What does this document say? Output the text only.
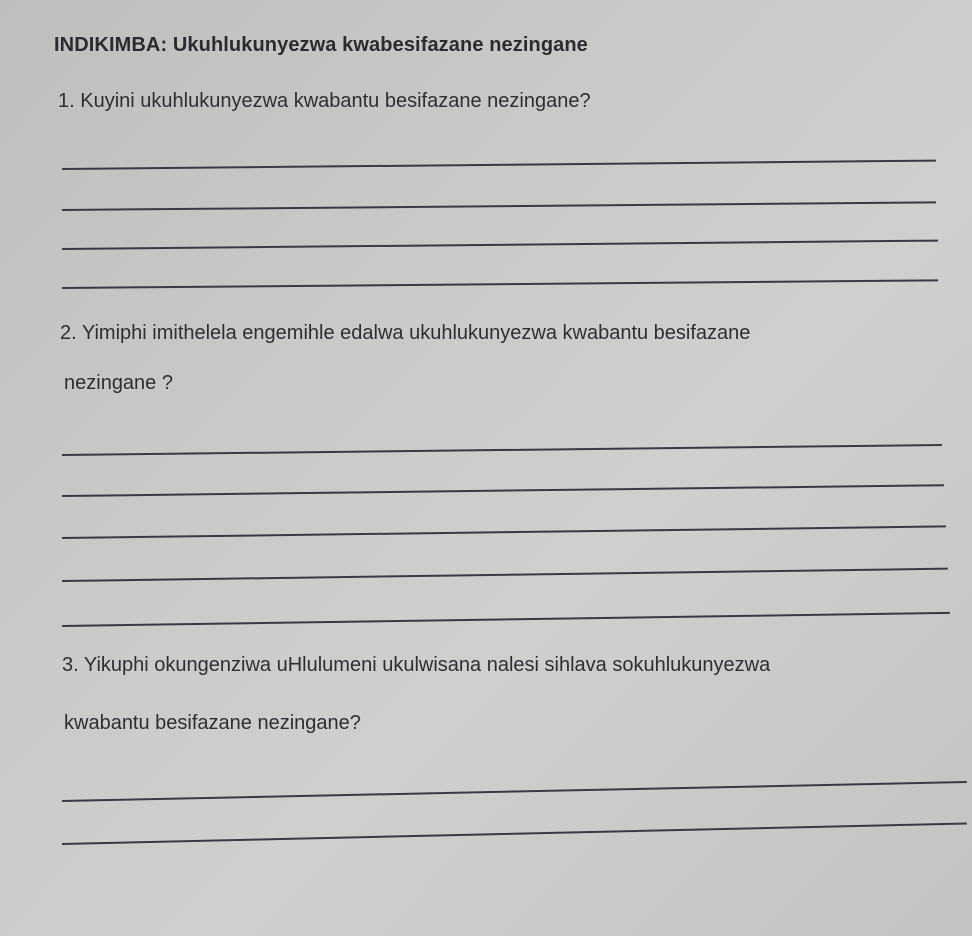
INDIKIMBA: Ukuhlukunyezwa kwabesifazane nezingane
1. Kuyini ukuhlukunyezwa kwabantu besifazane nezingane?
2. Yimiphi imithelela engemihle edalwa ukuhlukunyezwa kwabantu besifazane
nezingane ?
3. Yikuphi okungenziwa uHlulumeni ukulwisana nalesi sihlava sokuhlukunyezwa
kwabantu besifazane nezingane?
